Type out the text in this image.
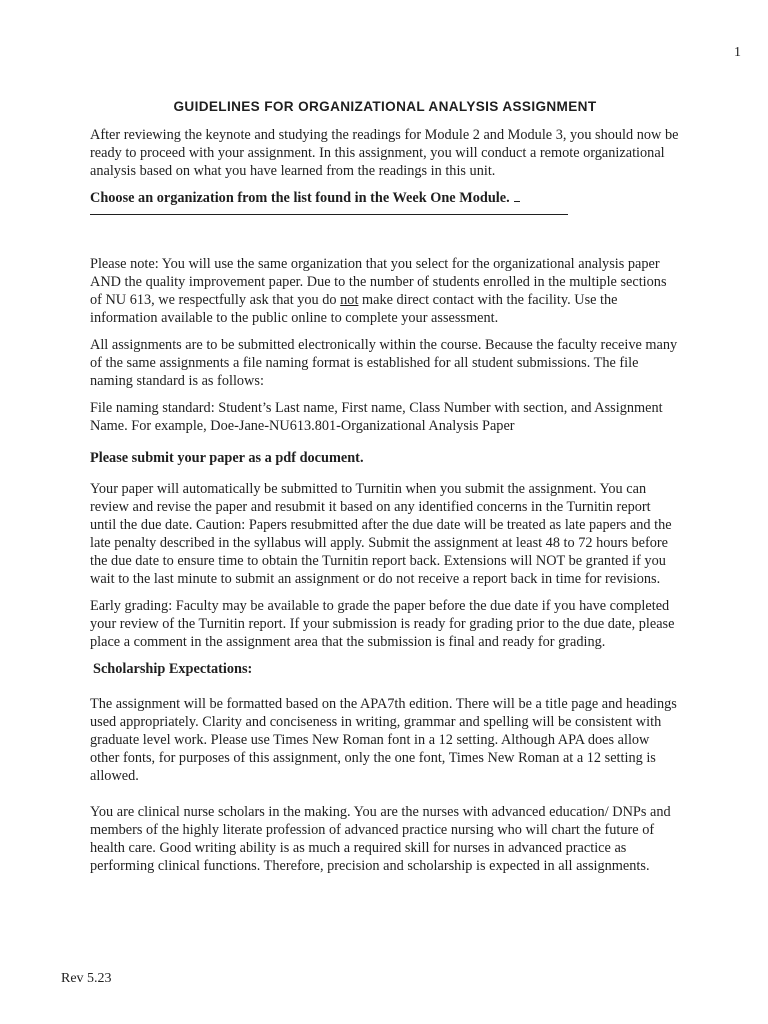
1
GUIDELINES FOR ORGANIZATIONAL ANALYSIS ASSIGNMENT

After reviewing the keynote and studying the readings for Module 2 and Module 3, you should now be ready to proceed with your assignment. In this assignment, you will conduct a remote organizational analysis based on what you have learned from the readings in this unit.

Choose an organization from the list found in the Week One Module.

Please note: You will use the same organization that you select for the organizational analysis paper AND the quality improvement paper. Due to the number of students enrolled in the multiple sections of NU 613, we respectfully ask that you do not make direct contact with the facility. Use the information available to the public online to complete your assessment.

All assignments are to be submitted electronically within the course. Because the faculty receive many of the same assignments a file naming format is established for all student submissions. The file naming standard is as follows:

File naming standard: Student’s Last name, First name, Class Number with section, and Assignment Name. For example, Doe-Jane-NU613.801-Organizational Analysis Paper

Please submit your paper as a pdf document.

Your paper will automatically be submitted to Turnitin when you submit the assignment. You can review and revise the paper and resubmit it based on any identified concerns in the Turnitin report until the due date. Caution: Papers resubmitted after the due date will be treated as late papers and the late penalty described in the syllabus will apply. Submit the assignment at least 48 to 72 hours before the due date to ensure time to obtain the Turnitin report back. Extensions will NOT be granted if you wait to the last minute to submit an assignment or do not receive a report back in time for revisions.

Early grading: Faculty may be available to grade the paper before the due date if you have completed your review of the Turnitin report. If your submission is ready for grading prior to the due date, please place a comment in the assignment area that the submission is final and ready for grading.

Scholarship Expectations:

The assignment will be formatted based on the APA7th edition. There will be a title page and headings used appropriately. Clarity and conciseness in writing, grammar and spelling will be consistent with graduate level work. Please use Times New Roman font in a 12 setting. Although APA does allow other fonts, for purposes of this assignment, only the one font, Times New Roman at a 12 setting is allowed.

You are clinical nurse scholars in the making. You are the nurses with advanced education/ DNPs and members of the highly literate profession of advanced practice nursing who will chart the future of health care. Good writing ability is as much a required skill for nurses in advanced practice as performing clinical functions. Therefore, precision and scholarship is expected in all assignments.

Rev 5.23
